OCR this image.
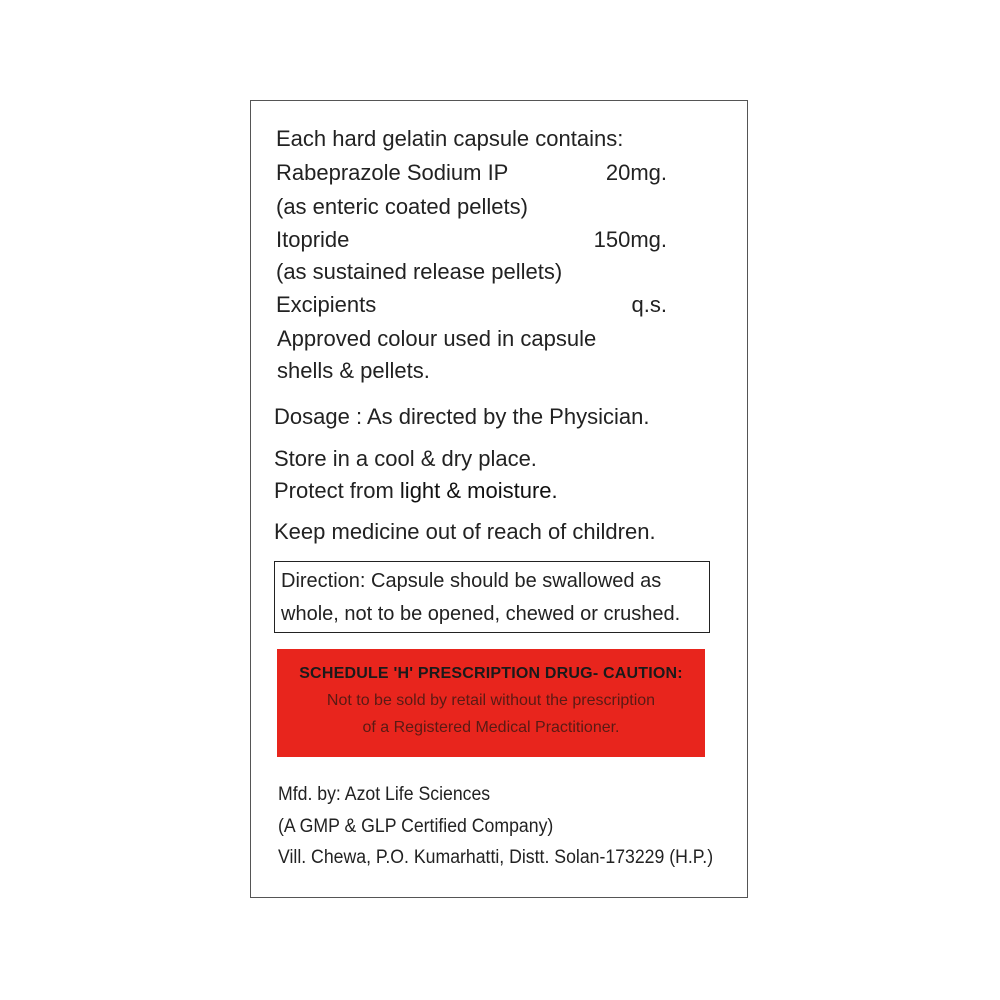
Each hard gelatin capsule contains:
Rabeprazole Sodium IP	20mg.
(as enteric coated pellets)
Itopride	150mg.
(as sustained release pellets)
Excipients	q.s.
Approved colour used in capsule
shells & pellets.
Dosage : As directed by the Physician.
Store in a cool & dry place.
Protect from light & moisture.
Keep medicine out of reach of children.
Direction: Capsule should be swallowed as
whole, not to be opened, chewed or crushed.
SCHEDULE 'H' PRESCRIPTION DRUG- CAUTION:
Not to be sold by retail without the prescription
of a Registered Medical Practitioner.
Mfd. by: Azot Life Sciences
(A GMP & GLP Certified Company)
Vill. Chewa, P.O. Kumarhatti, Distt. Solan-173229 (H.P.)
